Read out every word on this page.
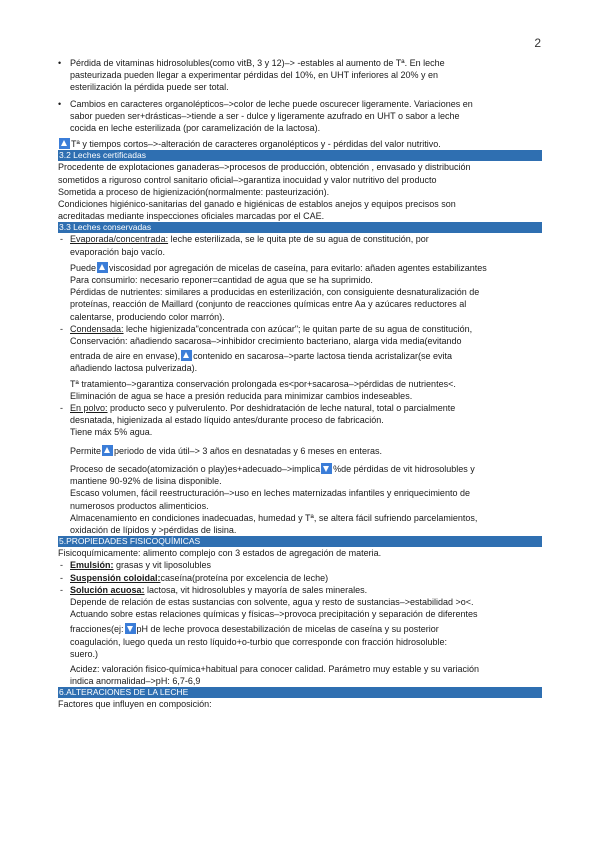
2
• Pérdida de vitaminas hidrosolubles(como vitB, 3 y 12)–> -estables al aumento de Tª. En leche
pasteurizada pueden llegar a experimentar pérdidas del 10%, en UHT inferiores al 20% y en
esterilización la pérdida puede ser total.
• Cambios en caracteres organolépticos–>color de leche puede oscurecer ligeramente. Variaciones en
sabor pueden ser+drásticas–>tiende a ser - dulce y ligeramente azufrado en UHT o sabor a leche
cocida en leche esterilizada (por caramelización de la lactosa).
Tª y tiempos cortos–>-alteración de caracteres organolépticos y - pérdidas del valor nutritivo.
3.2 Leches certificadas
Procedente de explotaciones ganaderas–>procesos de producción, obtención , envasado y distribución
sometidos a riguroso control sanitario oficial–>garantiza inocuidad y valor nutritivo del producto
Sometida a proceso de higienización(normalmente: pasteurización).
Condiciones higiénico-sanitarias del ganado e higiénicas de establos anejos y equipos precisos son
acreditadas mediante inspecciones oficiales marcadas por el CAE.
3.3 Leches conservadas
- Evaporada/concentrada: leche esterilizada, se le quita pte de su agua de constitución, por
evaporación bajo vacío.
Puede viscosidad por agregación de micelas de caseína, para evitarlo: añaden agentes estabilizantes
Para consumirlo: necesario reponer=cantidad de agua que se ha suprimido.
Pérdidas de nutrientes: similares a producidas en esterilización, con consiguiente desnaturalización de
proteínas, reacción de Maillard (conjunto de reacciones químicas entre Aa y azúcares reductores al
calentarse, produciendo color marrón).
- Condensada: leche higienizada"concentrada con azúcar"; le quitan parte de su agua de constitución,
Conservación: añadiendo sacarosa–>inhibidor crecimiento bacteriano, alarga vida media(evitando
entrada de aire en envase), contenido en sacarosa–>parte lactosa tienda acristalizar(se evita
añadiendo lactosa pulverizada).
Tª tratamiento–>garantiza conservación prolongada es<por+sacarosa–>pérdidas de nutrientes<.
Eliminación de agua se hace a presión reducida para minimizar cambios indeseables.
- En polvo: producto seco y pulverulento. Por deshidratación de leche natural, total o parcialmente
desnatada, higienizada al estado líquido antes/durante proceso de fabricación.
Tiene máx 5% agua.
Permite periodo de vida útil–> 3 años en desnatadas y 6 meses en enteras.
Proceso de secado(atomización o play)es+adecuado–>implica %de pérdidas de vit hidrosolubles y
mantiene 90-92% de lisina disponible.
Escaso volumen, fácil reestructuración–>uso en leches maternizadas infantiles y enriquecimiento de
numerosos productos alimenticios.
Almacenamiento en condiciones inadecuadas, humedad y Tª, se altera fácil sufriendo parcelamientos,
oxidación de lípidos y >pérdidas de lisina.
5.PROPIEDADES FISICOQUÍMICAS
Fisicoquímicamente: alimento complejo con 3 estados de agregación de materia.
- Emulsión: grasas y vit liposolubles
- Suspensión coloidal:caseína(proteína por excelencia de leche)
- Solución acuosa: lactosa, vit hidrosolubles y mayoría de sales minerales.
Depende de relación de estas sustancias con solvente, agua y resto de sustancias–>estabilidad >o<.
Actuando sobre estas relaciones químicas y físicas–>provoca precipitación y separación de diferentes
fracciones(ej: pH de leche provoca desestabilización de micelas de caseína y su posterior
coagulación, luego queda un resto líquido+o-turbio que corresponde con fracción hidrosoluble:
suero.)
Acidez: valoración fisico-química+habitual para conocer calidad. Parámetro muy estable y su variación
indica anormalidad–>pH: 6,7-6,9
6.ALTERACIONES DE LA LECHE
Factores que influyen en composición:
